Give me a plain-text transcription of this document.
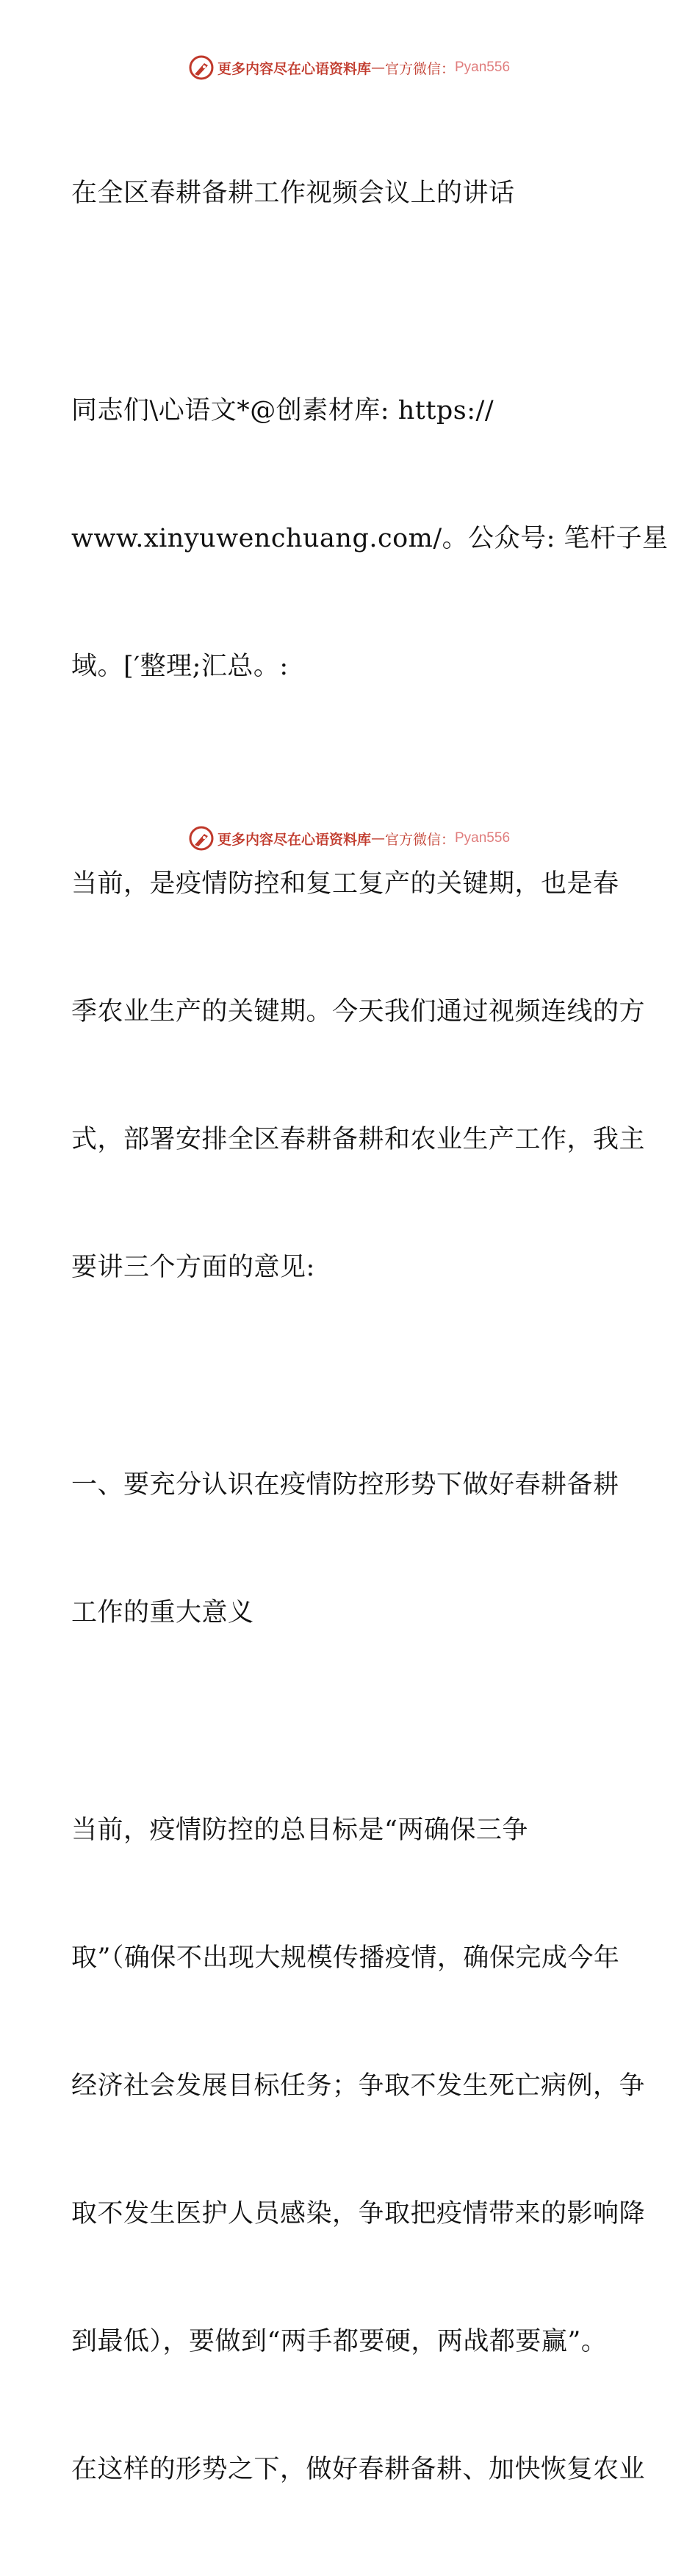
更多内容尽在心语资料库 — 官方微信： Pyan556

在全区春耕备耕工作视频会议上的讲话

同志们\心语文*@创素材库: https://

www.xinyuwenchuang.com/。公众号: 笔杆子星

域。[′整理;汇总。:

当前，是疫情防控和复工复产的关键期，也是春

季农业生产的关键期。今天我们通过视频连线的方

式，部署安排全区春耕备耕和农业生产工作，我主

要讲三个方面的意见:

一、要充分认识在疫情防控形势下做好春耕备耕

工作的重大意义

当前，疫情防控的总目标是“两确保三争

取”（确保不出现大规模传播疫情，确保完成今年

经济社会发展目标任务；争取不发生死亡病例，争

取不发生医护人员感染，争取把疫情带来的影响降

到最低），要做到“两手都要硬，两战都要赢”。

在这样的形势之下，做好春耕备耕、加快恢复农业

更多内容尽在心语资料库 — 官方微信： Pyan556
